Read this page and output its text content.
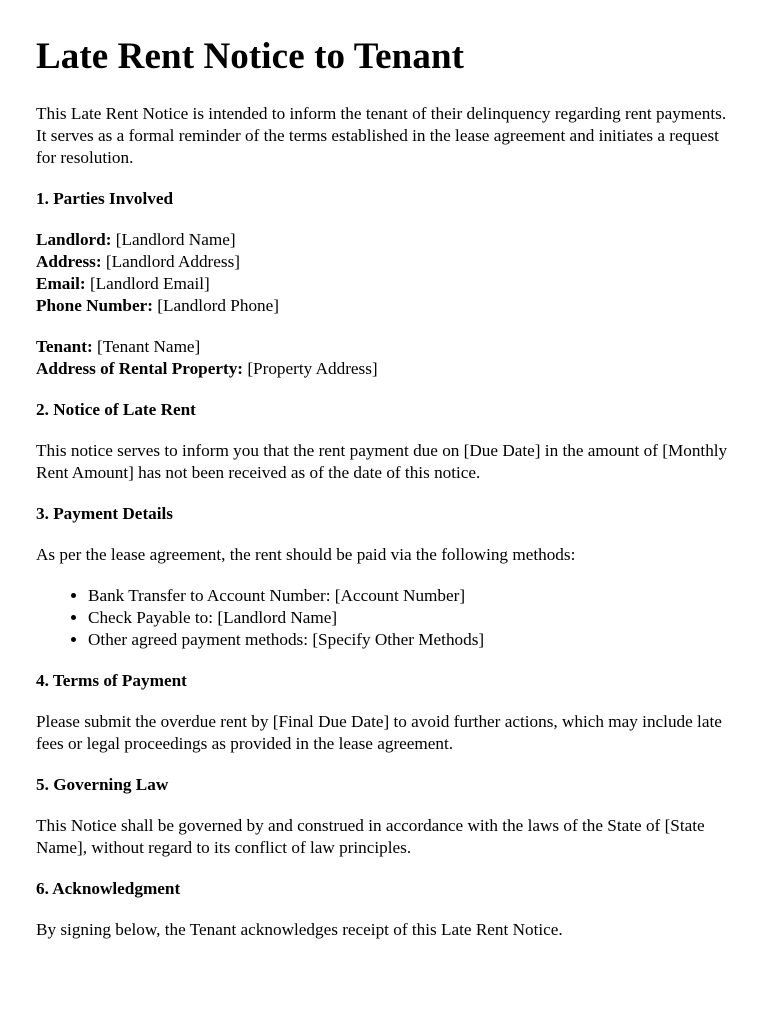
Late Rent Notice to Tenant

This Late Rent Notice is intended to inform the tenant of their delinquency regarding rent payments. It serves as a formal reminder of the terms established in the lease agreement and initiates a request for resolution.

1. Parties Involved

Landlord: [Landlord Name]
Address: [Landlord Address]
Email: [Landlord Email]
Phone Number: [Landlord Phone]

Tenant: [Tenant Name]
Address of Rental Property: [Property Address]

2. Notice of Late Rent

This notice serves to inform you that the rent payment due on [Due Date] in the amount of [Monthly Rent Amount] has not been received as of the date of this notice.

3. Payment Details

As per the lease agreement, the rent should be paid via the following methods:

• Bank Transfer to Account Number: [Account Number]
• Check Payable to: [Landlord Name]
• Other agreed payment methods: [Specify Other Methods]
4. Terms of Payment

Please submit the overdue rent by [Final Due Date] to avoid further actions, which may include late fees or legal proceedings as provided in the lease agreement.

5. Governing Law

This Notice shall be governed by and construed in accordance with the laws of the State of [State Name], without regard to its conflict of law principles.

6. Acknowledgment

By signing below, the Tenant acknowledges receipt of this Late Rent Notice.
